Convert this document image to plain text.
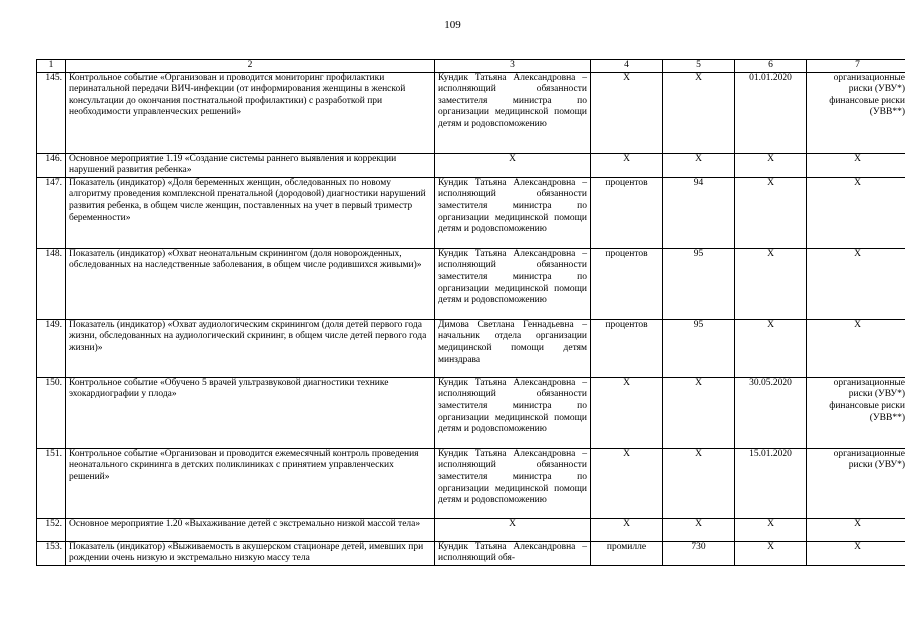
109
1	2	3	4	5	6	7
145.	Контрольное событие «Организован и проводится мониторинг профилактики перинатальной передачи ВИЧ-инфекции (от информирования женщины в женской консультации до окончания постнатальной профилактики) с разработкой при необходимости управленческих решений»	Кундик Татьяна Александровна – исполняющий обязанности заместителя министра по организации медицинской помощи детям и родовспоможению	Х	Х	01.01.2020	организационные риски (УВУ*)
финансовые риски (УВВ**)

146.	Основное мероприятие 1.19 «Создание системы раннего выявления и коррекции нарушений развития ребенка»	Х	Х	Х	Х	Х

147.	Показатель (индикатор) «Доля беременных женщин, обследованных по новому алгоритму проведения комплексной пренатальной (дородовой) диагностики нарушений развития ребенка, в общем числе женщин, поставленных на учет в первый триместр беременности»	Кундик Татьяна Александровна – исполняющий обязанности заместителя министра по организации медицинской помощи детям и родовспоможению	процентов	94	Х	Х

148.	Показатель (индикатор) «Охват неонатальным скринингом (доля новорожденных, обследованных на наследственные заболевания, в общем числе родившихся живыми)»	Кундик Татьяна Александровна – исполняющий обязанности заместителя министра по организации медицинской помощи детям и родовспоможению	процентов	95	Х	Х

149.	Показатель (индикатор) «Охват аудиологическим скринингом (доля детей первого года жизни, обследованных на аудиологический скрининг, в общем числе детей первого года жизни)»	Димова Светлана Геннадьевна – начальник отдела организации медицинской помощи детям минздрава	процентов	95	Х	Х

150.	Контрольное событие «Обучено 5 врачей ультразвуковой диагностики технике эхокардиографии у плода»	Кундик Татьяна Александровна – исполняющий обязанности заместителя министра по организации медицинской помощи детям и родовспоможению	Х	Х	30.05.2020	организационные риски (УВУ*)
финансовые риски (УВВ**)

151.	Контрольное событие «Организован и проводится ежемесячный контроль проведения неонатального скрининга в детских поликлиниках с принятием управленческих решений»	Кундик Татьяна Александровна – исполняющий обязанности заместителя министра по организации медицинской помощи детям и родовспоможению	Х	Х	15.01.2020	организационные риски (УВУ*)

152.	Основное мероприятие 1.20 «Выхаживание детей с экстремально низкой массой тела»	Х	Х	Х	Х	Х

153.	Показатель (индикатор) «Выживаемость в акушерском стационаре детей, имевших при рождении очень низкую и экстремально низкую массу тела	Кундик Татьяна Александровна – исполняющий обя-	промилле	730	Х	Х
